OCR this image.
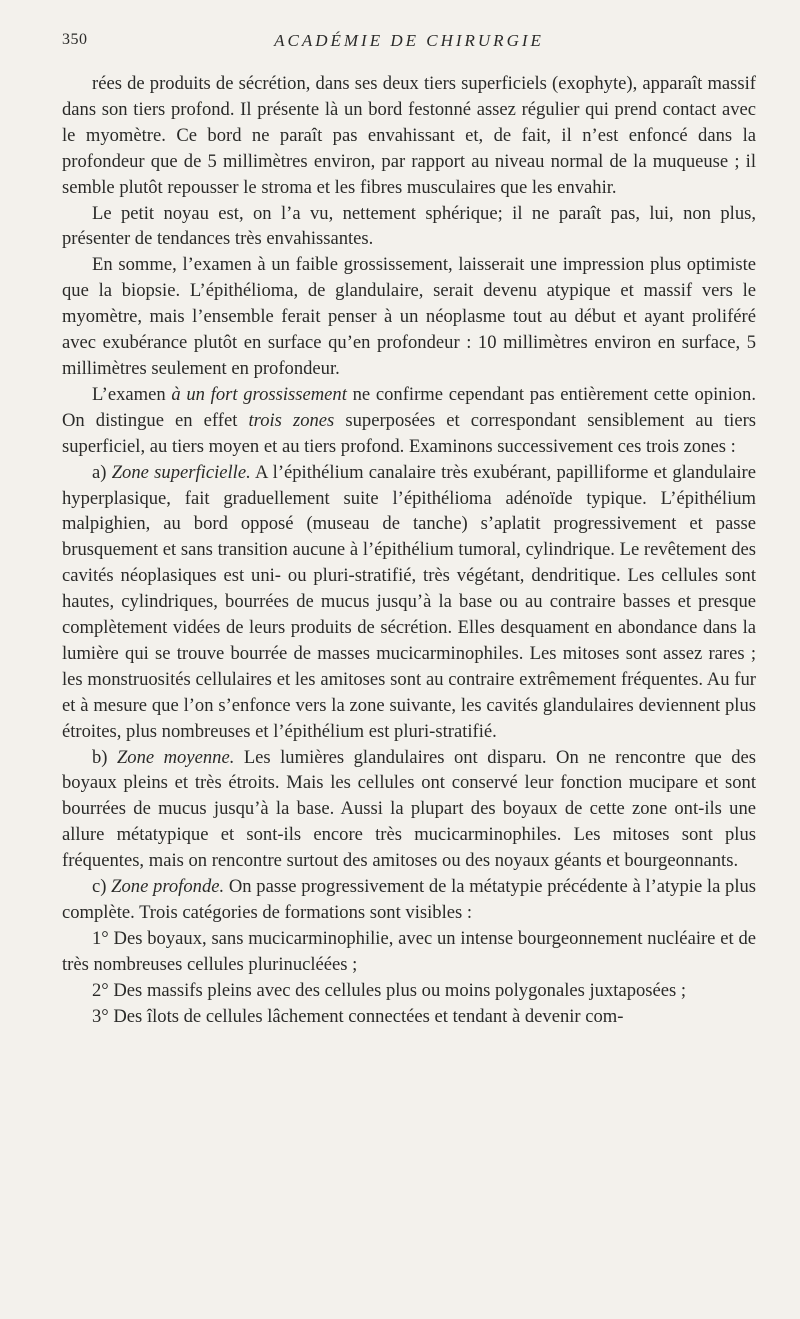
350	ACADÉMIE DE CHIRURGIE

rées de produits de sécrétion, dans ses deux tiers superficiels (exophyte), apparaît massif dans son tiers profond. Il présente là un bord festonné assez régulier qui prend contact avec le myomètre. Ce bord ne paraît pas envahissant et, de fait, il n’est enfoncé dans la profondeur que de 5 millimètres environ, par rapport au niveau normal de la muqueuse ; il semble plutôt repousser le stroma et les fibres musculaires que les envahir.

Le petit noyau est, on l’a vu, nettement sphérique; il ne paraît pas, lui, non plus, présenter de tendances très envahissantes.

En somme, l’examen à un faible grossissement, laisserait une impression plus optimiste que la biopsie. L’épithélioma, de glandulaire, serait devenu atypique et massif vers le myomètre, mais l’ensemble ferait penser à un néoplasme tout au début et ayant proliféré avec exubérance plutôt en surface qu’en profondeur : 10 millimètres environ en surface, 5 millimètres seulement en profondeur.

L’examen à un fort grossissement ne confirme cependant pas entièrement cette opinion. On distingue en effet trois zones superposées et correspondant sensiblement au tiers superficiel, au tiers moyen et au tiers profond. Examinons successivement ces trois zones :

a) Zone superficielle. A l’épithélium canalaire très exubérant, papilliforme et glandulaire hyperplasique, fait graduellement suite l’épithélioma adénoïde typique. L’épithélium malpighien, au bord opposé (museau de tanche) s’aplatit progressivement et passe brusquement et sans transition aucune à l’épithélium tumoral, cylindrique. Le revêtement des cavités néoplasiques est uni- ou pluri-stratifié, très végétant, dendritique. Les cellules sont hautes, cylindriques, bourrées de mucus jusqu’à la base ou au contraire basses et presque complètement vidées de leurs produits de sécrétion. Elles desquament en abondance dans la lumière qui se trouve bourrée de masses mucicarminophiles. Les mitoses sont assez rares ; les monstruosités cellulaires et les amitoses sont au contraire extrêmement fréquentes. Au fur et à mesure que l’on s’enfonce vers la zone suivante, les cavités glandulaires deviennent plus étroites, plus nombreuses et l’épithélium est pluri-stratifié.

b) Zone moyenne. Les lumières glandulaires ont disparu. On ne rencontre que des boyaux pleins et très étroits. Mais les cellules ont conservé leur fonction mucipare et sont bourrées de mucus jusqu’à la base. Aussi la plupart des boyaux de cette zone ont-ils une allure métatypique et sont-ils encore très mucicarminophiles. Les mitoses sont plus fréquentes, mais on rencontre surtout des amitoses ou des noyaux géants et bourgeonnants.

c) Zone profonde. On passe progressivement de la métatypie précédente à l’atypie la plus complète. Trois catégories de formations sont visibles :

1° Des boyaux, sans mucicarminophilie, avec un intense bourgeonnement nucléaire et de très nombreuses cellules plurinucléées ;

2° Des massifs pleins avec des cellules plus ou moins polygonales juxtaposées ;

3° Des îlots de cellules lâchement connectées et tendant à devenir com-
